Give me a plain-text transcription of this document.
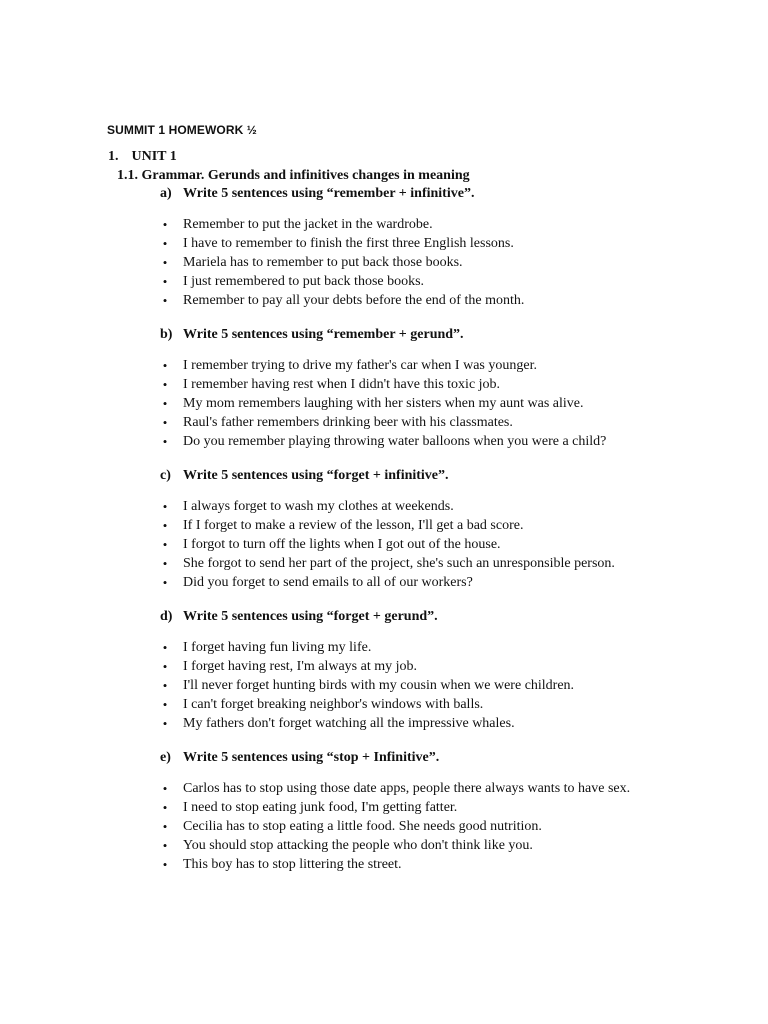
SUMMIT 1 HOMEWORK ½
1. UNIT 1
1.1. Grammar. Gerunds and infinitives changes in meaning
a) Write 5 sentences using “remember + infinitive”.
• Remember to put the jacket in the wardrobe.
• I have to remember to finish the first three English lessons.
• Mariela has to remember to put back those books.
• I just remembered to put back those books.
• Remember to pay all your debts before the end of the month.
b) Write 5 sentences using “remember + gerund”.
• I remember trying to drive my father's car when I was younger.
• I remember having rest when I didn't have this toxic job.
• My mom remembers laughing with her sisters when my aunt was alive.
• Raul's father remembers drinking beer with his classmates.
• Do you remember playing throwing water balloons when you were a child?
c) Write 5 sentences using “forget + infinitive”.
• I always forget to wash my clothes at weekends.
• If I forget to make a review of the lesson, I'll get a bad score.
• I forgot to turn off the lights when I got out of the house.
• She forgot to send her part of the project, she's such an unresponsible person.
• Did you forget to send emails to all of our workers?
d) Write 5 sentences using “forget + gerund”.
• I forget having fun living my life.
• I forget having rest, I'm always at my job.
• I'll never forget hunting birds with my cousin when we were children.
• I can't forget breaking neighbor's windows with balls.
• My fathers don't forget watching all the impressive whales.
e) Write 5 sentences using “stop + Infinitive”.
• Carlos has to stop using those date apps, people there always wants to have sex.
• I need to stop eating junk food, I'm getting fatter.
• Cecilia has to stop eating a little food. She needs good nutrition.
• You should stop attacking the people who don't think like you.
• This boy has to stop littering the street.
